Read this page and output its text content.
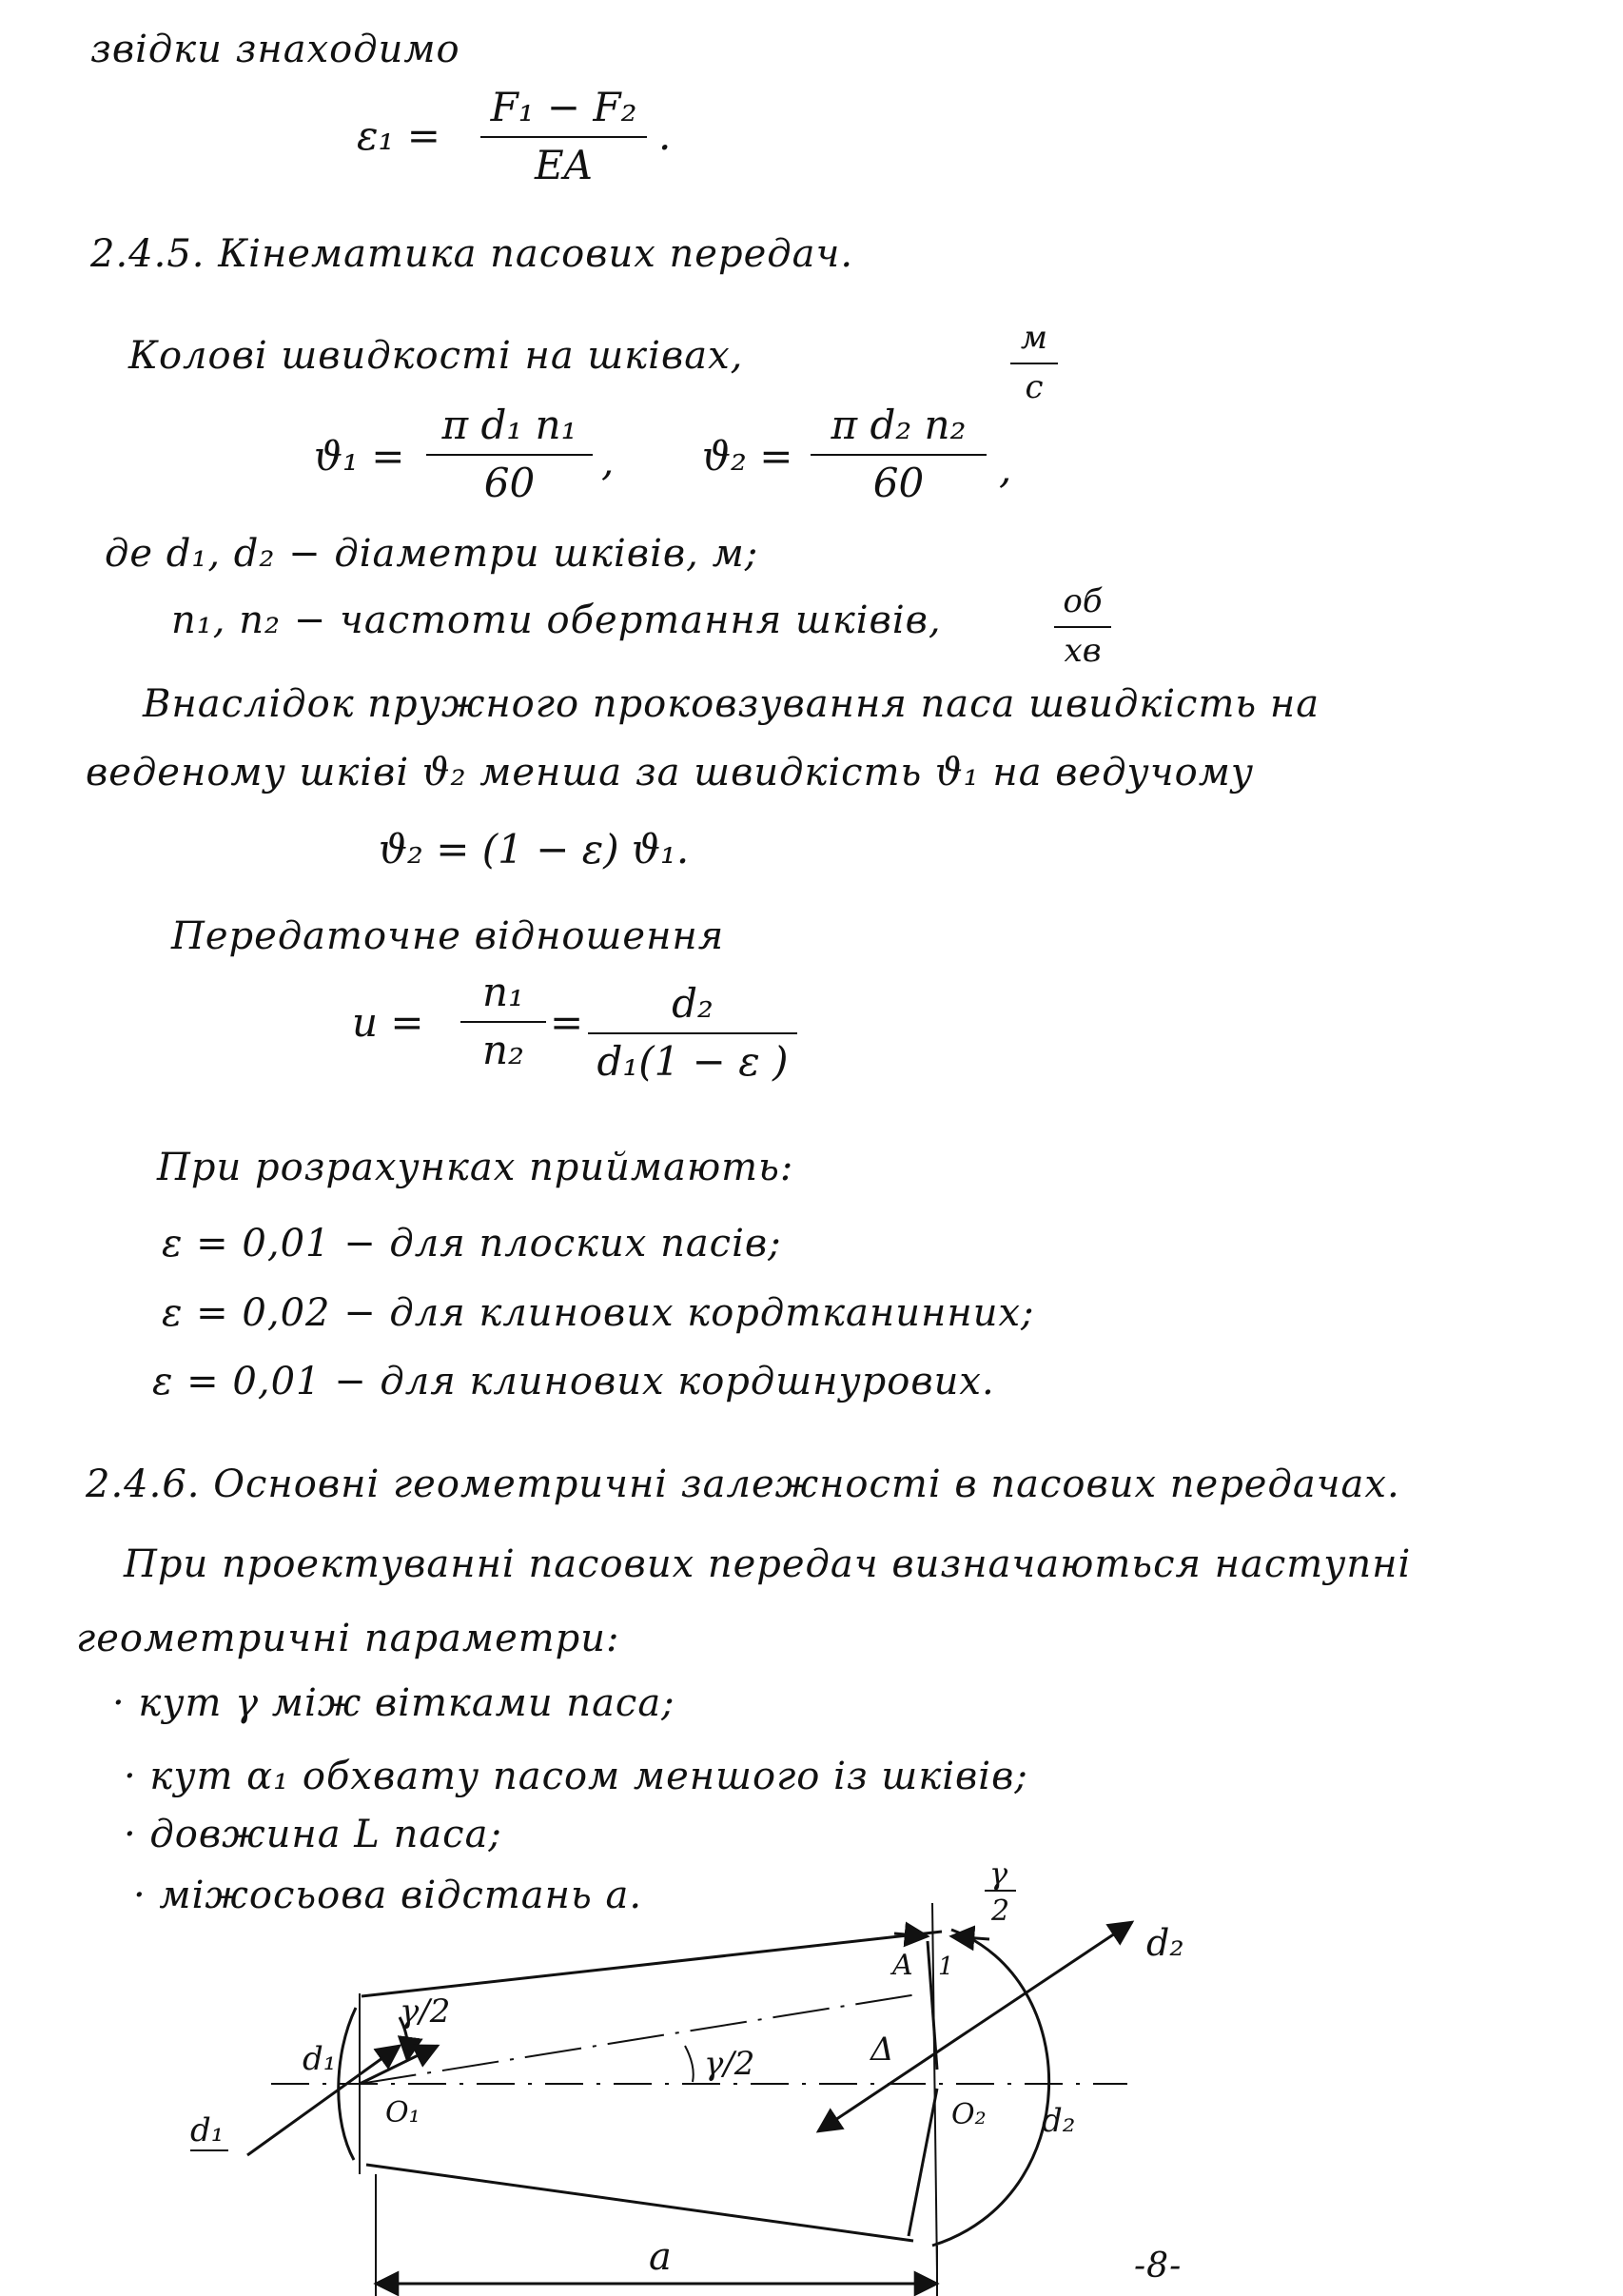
звідки знаходимо
$\varepsilon_1 = \frac{\text{F₁ − F₂}}{EA}$ .
2.4.5. Кінематика пасових передач.
Колові швидкості на шківах,	м
с
$ϑ_1 = \frac{\text{π d₁ n₁}}{60}$ , $ϑ_2 = \frac{\text{π d₂ n₂}}{60}$ ,
де d₁, d₂ − діаметри шківів, м;
n₁, n₂ − частоти обертання шківів,	об
хв
Внаслідок пружного проковзування паса швидкість на
веденому шківі ϑ₂ менша за швидкість ϑ₁ на ведучому
ϑ₂ = (1 − ε) ϑ₁.
Передаточне відношення
$u = \frac{\text{n₁}}{\text{n₂}} = \frac{\text{d₂}}{\text{d₁(1 − ε )}}$
При розрахунках приймають:
ε = 0,01 − для плоских пасів;
ε = 0,02 − для клинових кордтканинних;
ε = 0,01 − для клинових кордшнурових.
2.4.6. Основні геометричні залежності в пасових передачах.
При проектуванні пасових передач визначаються наступні
геометричні параметри:
· кут γ між вітками паса;
· кут α₁ обхвату пасом меншого із шківів;
· довжина L паса;
· міжосьова відстань a.	γ
2
d₂
d₂
A 1
Δ
γ/2
γ/2
d₁
d₁	O₁	O₂
a	-8-
